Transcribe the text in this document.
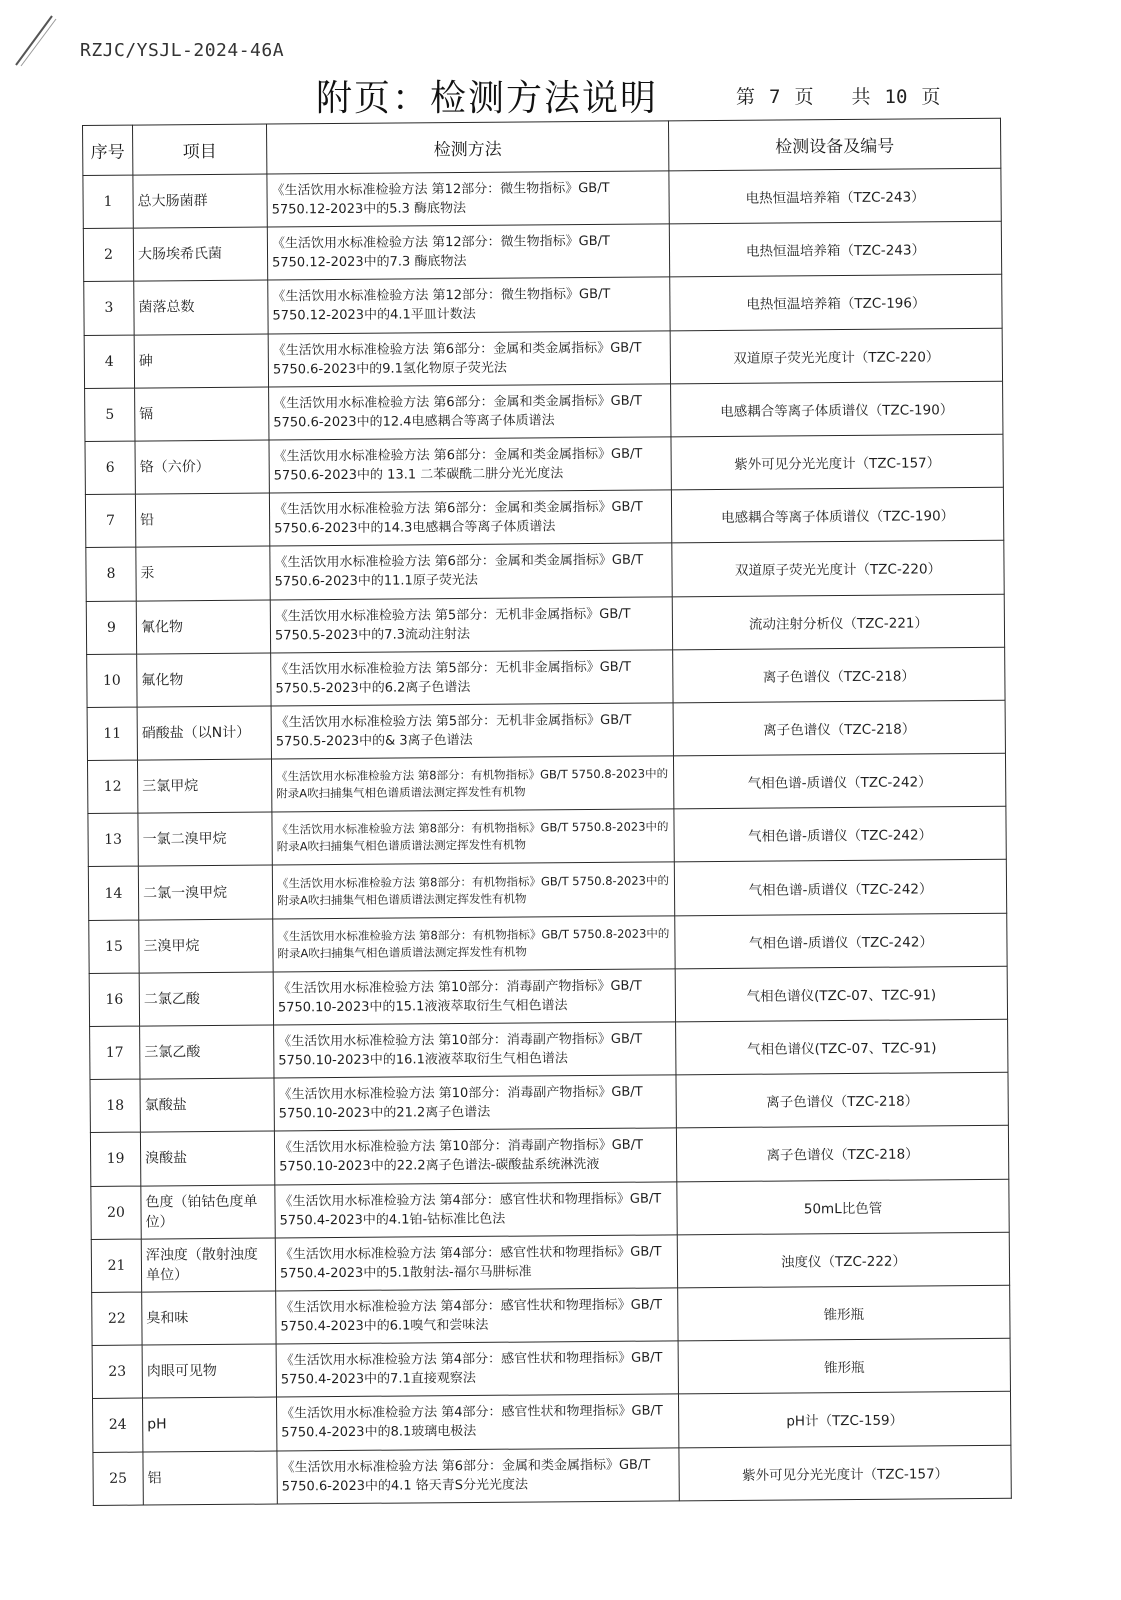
RZJC/YSJL-2024-46A
附页：检测方法说明	第 7 页 共 10 页
序号	项目	检测方法	检测设备及编号
1	总大肠菌群	《生活饮用水标准检验方法 第12部分：微生物指标》GB/T 5750.12-2023中的5.3 酶底物法	电热恒温培养箱（TZC-243）
2	大肠埃希氏菌	《生活饮用水标准检验方法 第12部分：微生物指标》GB/T 5750.12-2023中的7.3 酶底物法	电热恒温培养箱（TZC-243）
3	菌落总数	《生活饮用水标准检验方法 第12部分：微生物指标》GB/T 5750.12-2023中的4.1平皿计数法	电热恒温培养箱（TZC-196）
4	砷	《生活饮用水标准检验方法 第6部分：金属和类金属指标》GB/T 5750.6-2023中的9.1氢化物原子荧光法	双道原子荧光光度计（TZC-220）
5	镉	《生活饮用水标准检验方法 第6部分：金属和类金属指标》GB/T 5750.6-2023中的12.4电感耦合等离子体质谱法	电感耦合等离子体质谱仪（TZC-190）
6	铬（六价）	《生活饮用水标准检验方法 第6部分：金属和类金属指标》GB/T 5750.6-2023中的 13.1 二苯碳酰二肼分光光度法	紫外可见分光光度计（TZC-157）
7	铅	《生活饮用水标准检验方法 第6部分：金属和类金属指标》GB/T 5750.6-2023中的14.3电感耦合等离子体质谱法	电感耦合等离子体质谱仪（TZC-190）
8	汞	《生活饮用水标准检验方法 第6部分：金属和类金属指标》GB/T 5750.6-2023中的11.1原子荧光法	双道原子荧光光度计（TZC-220）
9	氰化物	《生活饮用水标准检验方法 第5部分：无机非金属指标》GB/T 5750.5-2023中的7.3流动注射法	流动注射分析仪（TZC-221）
10	氟化物	《生活饮用水标准检验方法 第5部分：无机非金属指标》GB/T 5750.5-2023中的6.2离子色谱法	离子色谱仪（TZC-218）
11	硝酸盐（以N计）	《生活饮用水标准检验方法 第5部分：无机非金属指标》GB/T 5750.5-2023中的& 3离子色谱法	离子色谱仪（TZC-218）
12	三氯甲烷	《生活饮用水标准检验方法 第8部分：有机物指标》GB/T 5750.8-2023中的附录A吹扫捕集气相色谱质谱法测定挥发性有机物	气相色谱-质谱仪（TZC-242）
13	一氯二溴甲烷	《生活饮用水标准检验方法 第8部分：有机物指标》GB/T 5750.8-2023中的附录A吹扫捕集气相色谱质谱法测定挥发性有机物	气相色谱-质谱仪（TZC-242）
14	二氯一溴甲烷	《生活饮用水标准检验方法 第8部分：有机物指标》GB/T 5750.8-2023中的附录A吹扫捕集气相色谱质谱法测定挥发性有机物	气相色谱-质谱仪（TZC-242）
15	三溴甲烷	《生活饮用水标准检验方法 第8部分：有机物指标》GB/T 5750.8-2023中的附录A吹扫捕集气相色谱质谱法测定挥发性有机物	气相色谱-质谱仪（TZC-242）
16	二氯乙酸	《生活饮用水标准检验方法 第10部分：消毒副产物指标》GB/T 5750.10-2023中的15.1液液萃取衍生气相色谱法	气相色谱仪(TZC-07、TZC-91)
17	三氯乙酸	《生活饮用水标准检验方法 第10部分：消毒副产物指标》GB/T 5750.10-2023中的16.1液液萃取衍生气相色谱法	气相色谱仪(TZC-07、TZC-91)
18	氯酸盐	《生活饮用水标准检验方法 第10部分：消毒副产物指标》GB/T 5750.10-2023中的21.2离子色谱法	离子色谱仪（TZC-218）
19	溴酸盐	《生活饮用水标准检验方法 第10部分：消毒副产物指标》GB/T 5750.10-2023中的22.2离子色谱法-碳酸盐系统淋洗液	离子色谱仪（TZC-218）
20	色度（铂钴色度单位）	《生活饮用水标准检验方法 第4部分：感官性状和物理指标》GB/T 5750.4-2023中的4.1铂-钴标准比色法	50mL比色管
21	浑浊度（散射浊度单位）	《生活饮用水标准检验方法 第4部分：感官性状和物理指标》GB/T 5750.4-2023中的5.1散射法-福尔马肼标准	浊度仪（TZC-222）
22	臭和味	《生活饮用水标准检验方法 第4部分：感官性状和物理指标》GB/T 5750.4-2023中的6.1嗅气和尝味法	锥形瓶
23	肉眼可见物	《生活饮用水标准检验方法 第4部分：感官性状和物理指标》GB/T 5750.4-2023中的7.1直接观察法	锥形瓶
24	pH	《生活饮用水标准检验方法 第4部分：感官性状和物理指标》GB/T 5750.4-2023中的8.1玻璃电极法	pH计（TZC-159）
25	铝	《生活饮用水标准检验方法 第6部分：金属和类金属指标》GB/T 5750.6-2023中的4.1 铬天青S分光光度法	紫外可见分光光度计（TZC-157）
